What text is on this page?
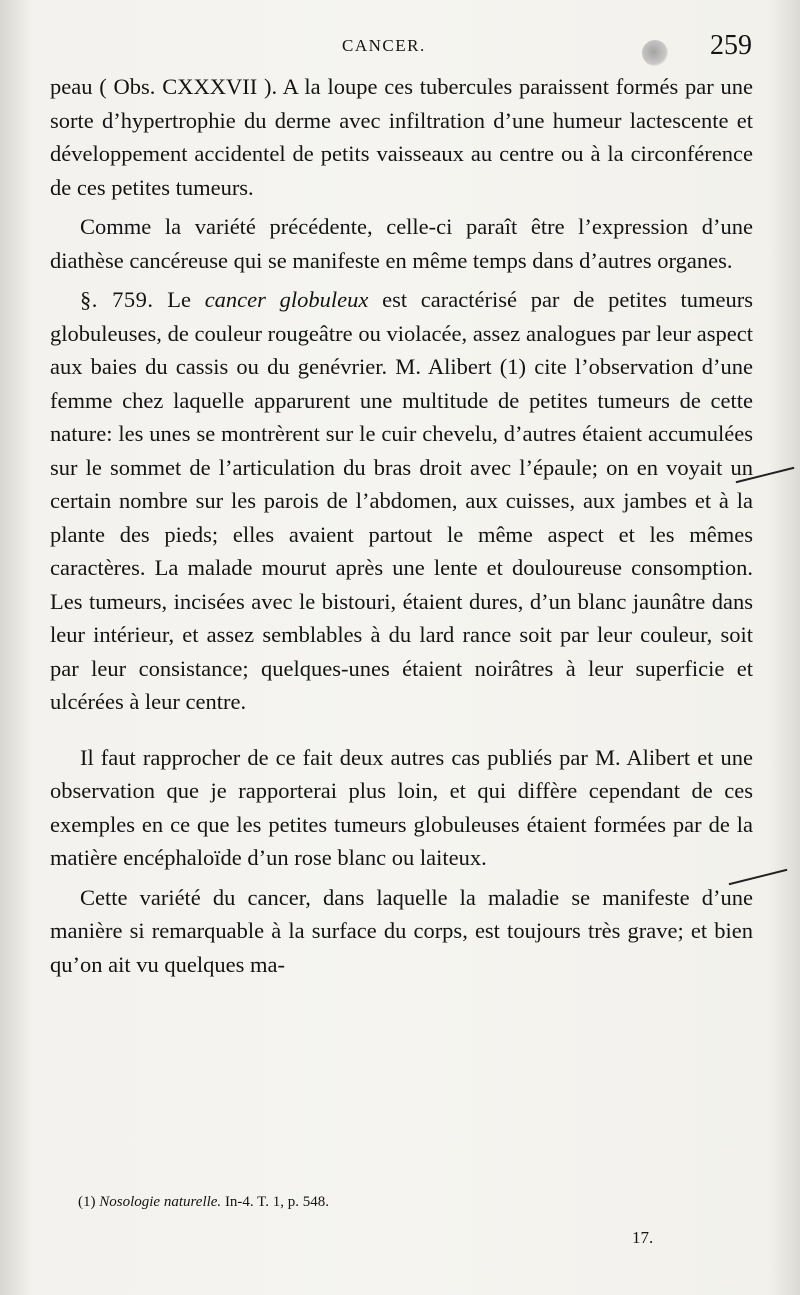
CANCER.	259

peau ( Obs. CXXXVII ). A la loupe ces tubercules paraissent formés par une sorte d’hypertrophie du derme avec infiltration d’une humeur lactescente et développement accidentel de petits vaisseaux au centre ou à la circonférence de ces petites tumeurs.

Comme la variété précédente, celle-ci paraît être l’expression d’une diathèse cancéreuse qui se manifeste en même temps dans d’autres organes.

§. 759. Le cancer globuleux est caractérisé par de petites tumeurs globuleuses, de couleur rougeâtre ou violacée, assez analogues par leur aspect aux baies du cassis ou du genévrier. M. Alibert (1) cite l’observation d’une femme chez laquelle apparurent une multitude de petites tumeurs de cette nature: les unes se montrèrent sur le cuir chevelu, d’autres étaient accumulées sur le sommet de l’articulation du bras droit avec l’épaule; on en voyait un certain nombre sur les parois de l’abdomen, aux cuisses, aux jambes et à la plante des pieds; elles avaient partout le même aspect et les mêmes caractères. La malade mourut après une lente et douloureuse consomption. Les tumeurs, incisées avec le bistouri, étaient dures, d’un blanc jaunâtre dans leur intérieur, et assez semblables à du lard rance soit par leur couleur, soit par leur consistance; quelques-unes étaient noirâtres à leur superficie et ulcérées à leur centre.

Il faut rapprocher de ce fait deux autres cas publiés par M. Alibert et une observation que je rapporterai plus loin, et qui diffère cependant de ces exemples en ce que les petites tumeurs globuleuses étaient formées par de la matière encéphaloïde d’un rose blanc ou laiteux.

Cette variété du cancer, dans laquelle la maladie se manifeste d’une manière si remarquable à la surface du corps, est toujours très grave; et bien qu’on ait vu quelques ma-

(1) Nosologie naturelle. In-4. T. 1, p. 548.
17.
